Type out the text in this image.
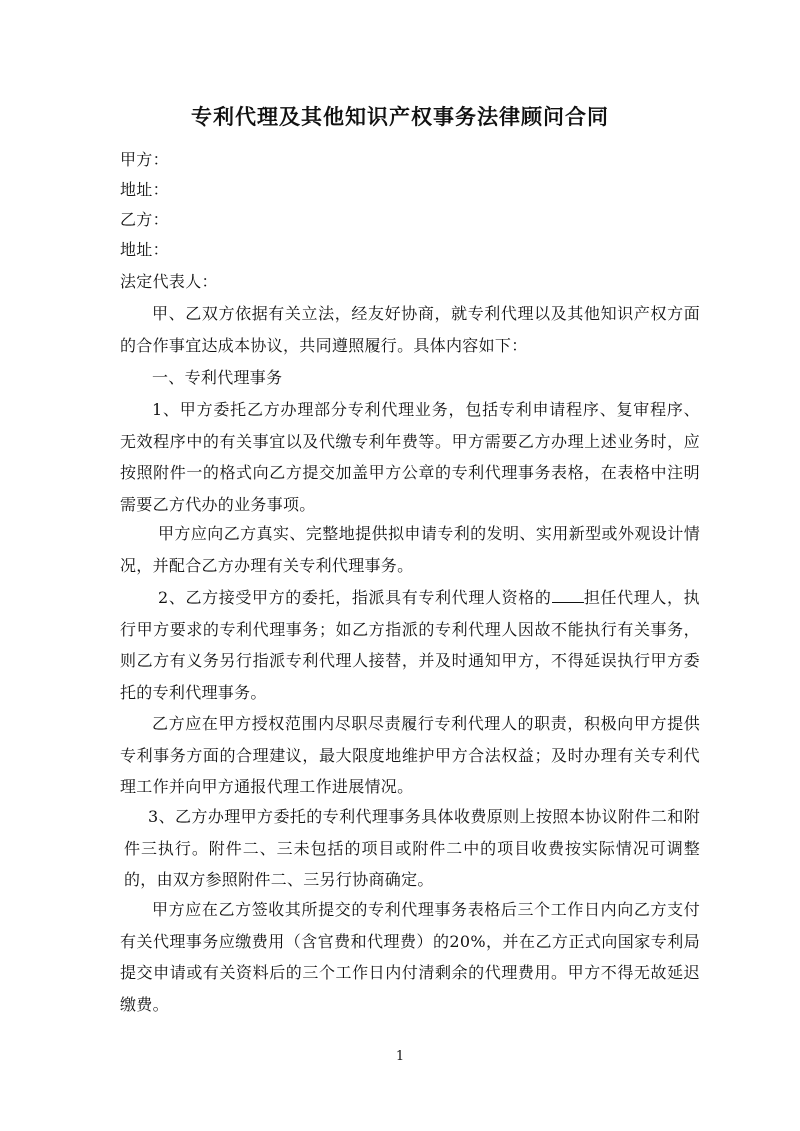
专利代理及其他知识产权事务法律顾问合同
甲方：
地址：
乙方：
地址：
法定代表人：
甲、乙双方依据有关立法，经友好协商，就专利代理以及其他知识产权方面的合作事宜达成本协议，共同遵照履行。具体内容如下：
一、专利代理事务
1、甲方委托乙方办理部分专利代理业务，包括专利申请程序、复审程序、无效程序中的有关事宜以及代缴专利年费等。甲方需要乙方办理上述业务时，应按照附件一的格式向乙方提交加盖甲方公章的专利代理事务表格，在表格中注明需要乙方代办的业务事项。
甲方应向乙方真实、完整地提供拟申请专利的发明、实用新型或外观设计情况，并配合乙方办理有关专利代理事务。
2、乙方接受甲方的委托，指派具有专利代理人资格的 担任代理人，执行甲方要求的专利代理事务；如乙方指派的专利代理人因故不能执行有关事务，则乙方有义务另行指派专利代理人接替，并及时通知甲方，不得延误执行甲方委托的专利代理事务。
乙方应在甲方授权范围内尽职尽责履行专利代理人的职责，积极向甲方提供专利事务方面的合理建议，最大限度地维护甲方合法权益；及时办理有关专利代理工作并向甲方通报代理工作进展情况。
3、乙方办理甲方委托的专利代理事务具体收费原则上按照本协议附件二和附件三执行。附件二、三未包括的项目或附件二中的项目收费按实际情况可调整的，由双方参照附件二、三另行协商确定。
甲方应在乙方签收其所提交的专利代理事务表格后三个工作日内向乙方支付有关代理事务应缴费用（含官费和代理费）的20%，并在乙方正式向国家专利局提交申请或有关资料后的三个工作日内付清剩余的代理费用。甲方不得无故延迟缴费。
1
